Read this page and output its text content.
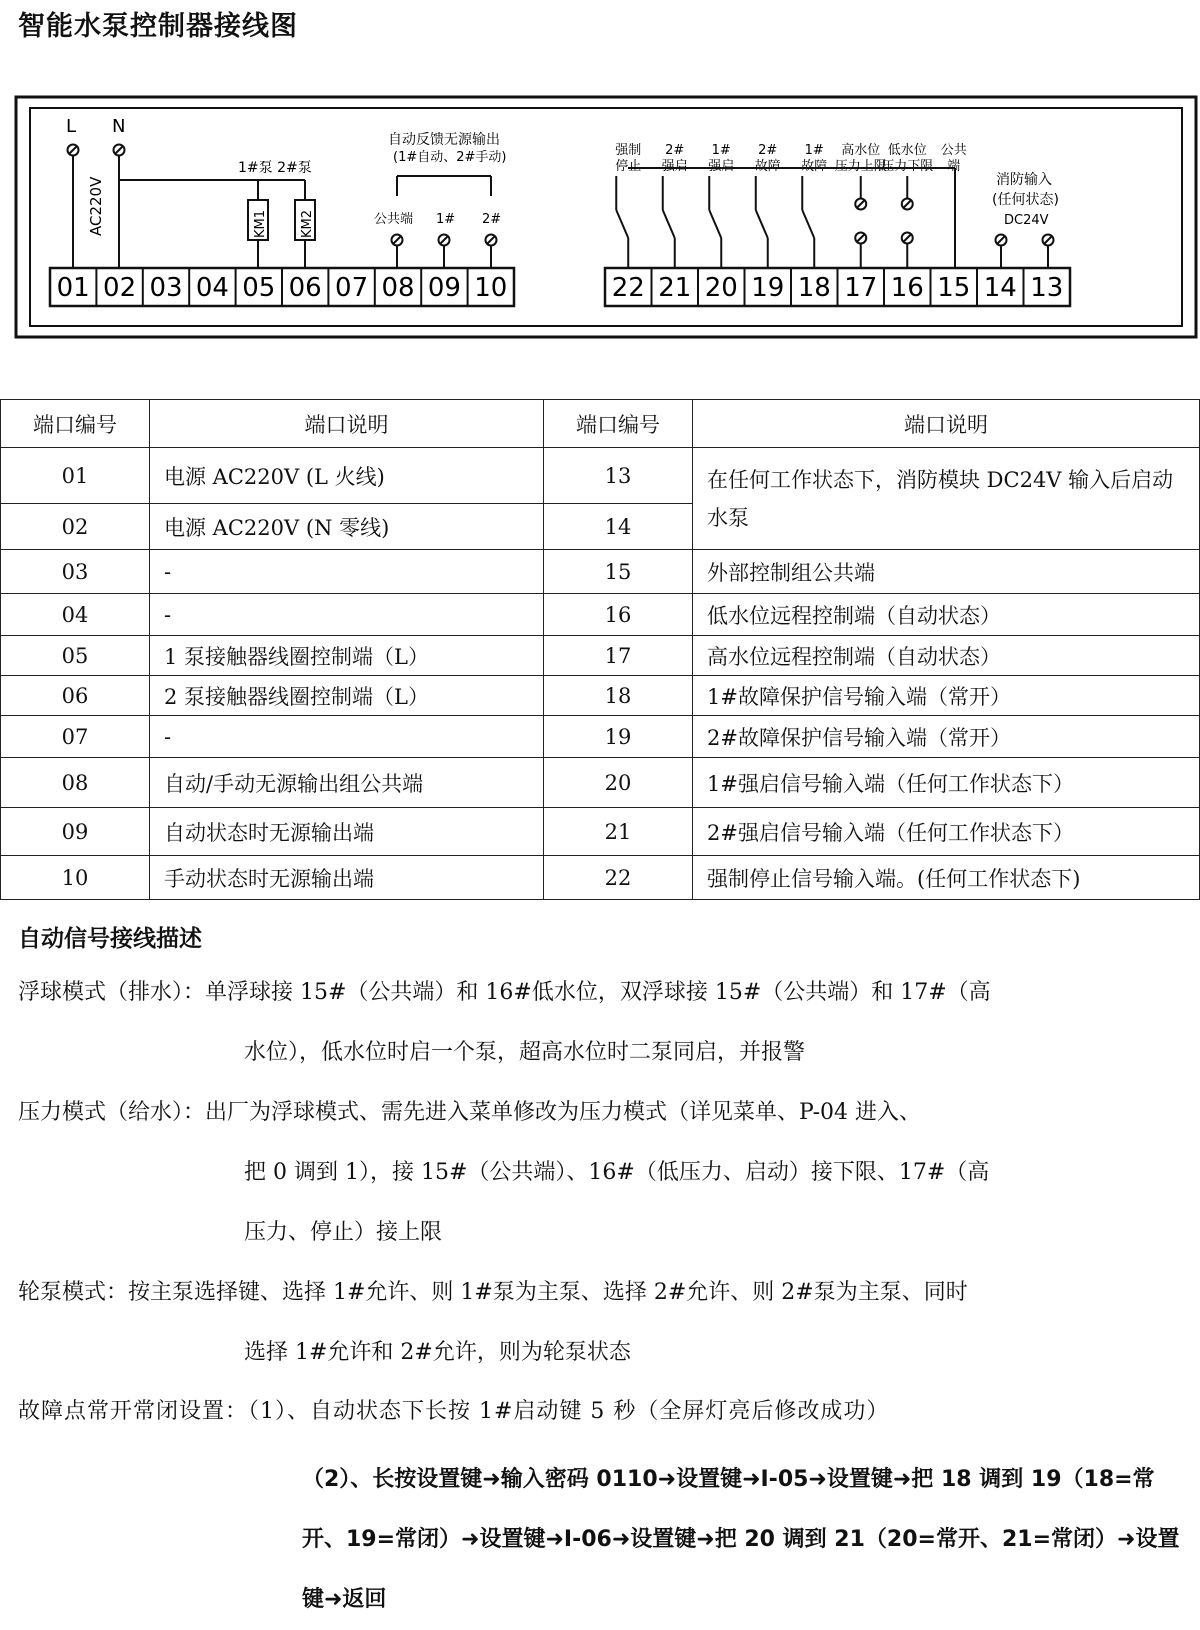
智能水泵控制器接线图
01 02 03 04 05 06 07 08 09 10	22 21 20 19 18 17 16 15 14 13
L N
AC220V
1#泵 2#泵
KM1 KM2
自动反馈无源输出
(1#自动、2#手动)
公共端 1# 2#
强制
停止
2#
强启
1#
强启
2#
故障
1#
故障
高水位
压力上限
低水位
压力下限
公共
端
消防输入
(任何状态)
DC24V
端口编号	端口说明	端口编号	端口说明
01	电源 AC220V (L 火线)	13	在任何工作状态下，消防模块 DC24V 输入后启动水泵
02	电源 AC220V (N 零线)	14	
03	-	15	外部控制组公共端
04	-	16	低水位远程控制端（自动状态）
05	1 泵接触器线圈控制端（L）	17	高水位远程控制端（自动状态）
06	2 泵接触器线圈控制端（L）	18	1#故障保护信号输入端（常开）
07	-	19	2#故障保护信号输入端（常开）
08	自动/手动无源输出组公共端	20	1#强启信号输入端（任何工作状态下）
09	自动状态时无源输出端	21	2#强启信号输入端（任何工作状态下）
10	手动状态时无源输出端	22	强制停止信号输入端。(任何工作状态下)
自动信号接线描述
浮球模式（排水）：单浮球接 15#（公共端）和 16#低水位，双浮球接 15#（公共端）和 17#（高
水位），低水位时启一个泵，超高水位时二泵同启，并报警
压力模式（给水）：出厂为浮球模式、需先进入菜单修改为压力模式（详见菜单、P-04 进入、
把 0 调到 1），接 15#（公共端）、16#（低压力、启动）接下限、17#（高
压力、停止）接上限
轮泵模式：按主泵选择键、选择 1#允许、则 1#泵为主泵、选择 2#允许、则 2#泵为主泵、同时
选择 1#允许和 2#允许，则为轮泵状态
故障点常开常闭设置：（1）、自动状态下长按 1#启动键 5 秒（全屏灯亮后修改成功）
（2）、长按设置键➜输入密码 0110➜设置键➜I-05➜设置键➜把 18 调到 19（18=常开、19=常闭）➜设置键➜I-06➜设置键➜把 20 调到 21（20=常开、21=常闭）➜设置键➜返回
